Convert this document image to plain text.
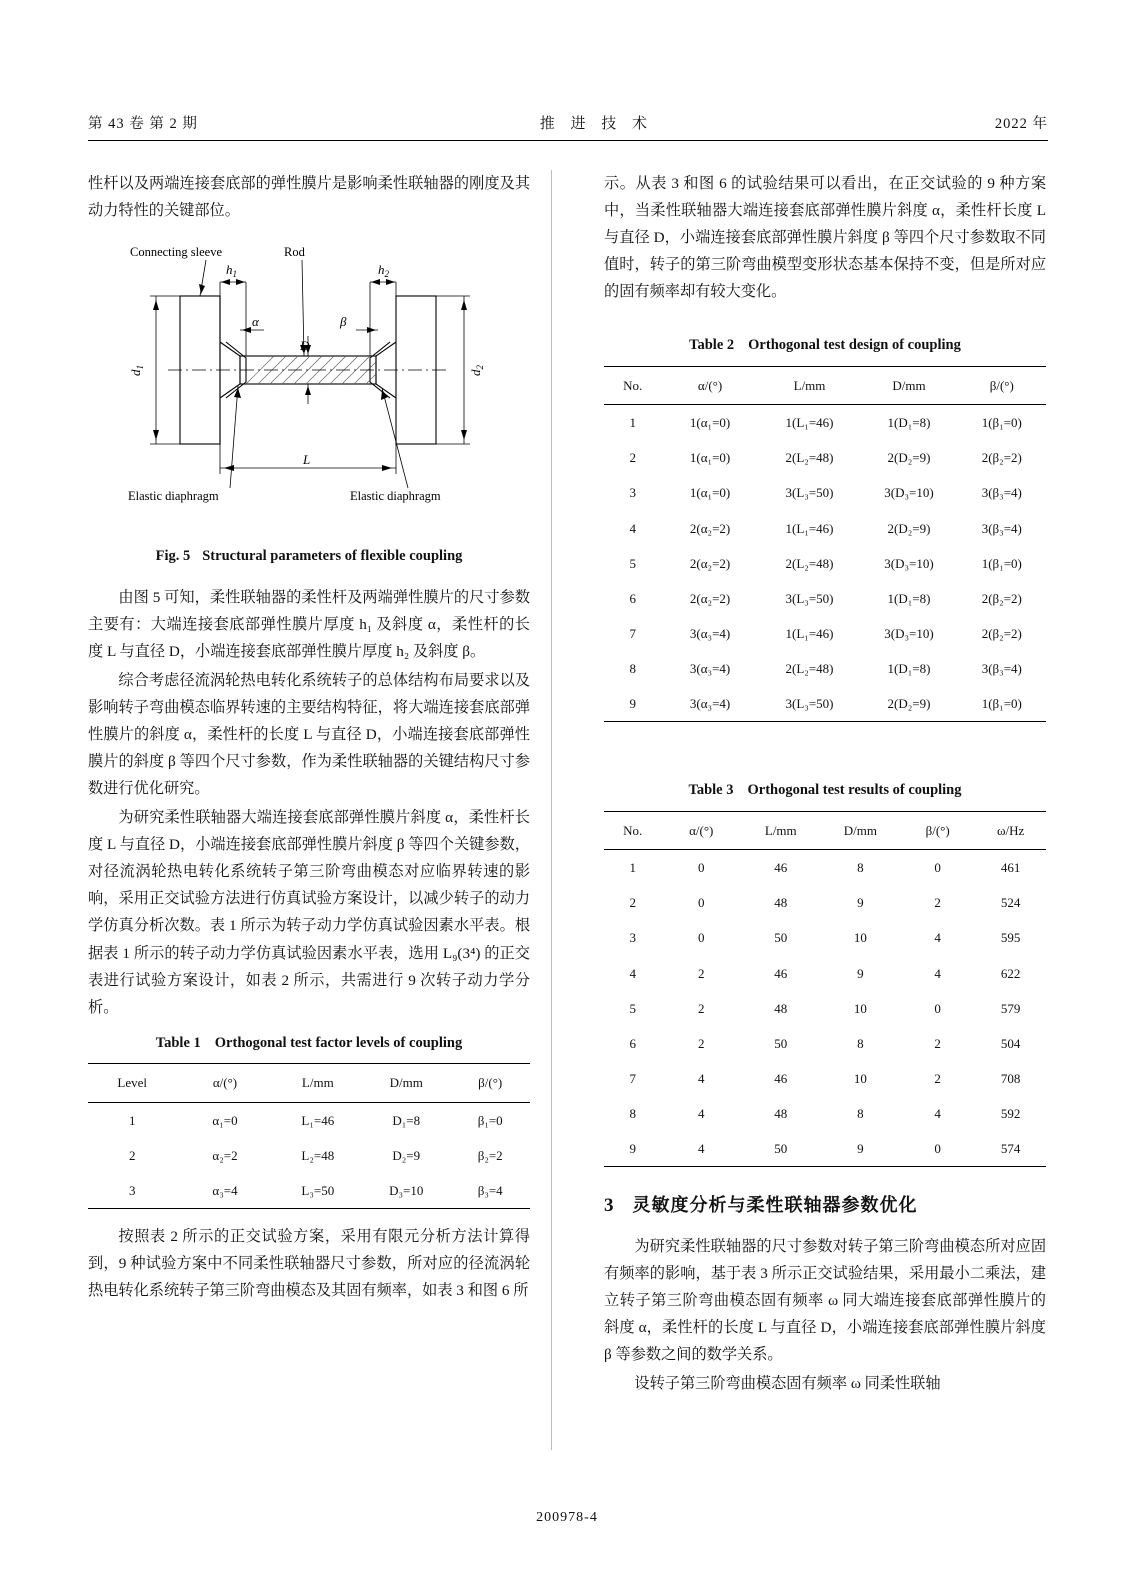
第 43 卷 第 2 期	推 进 技 术	2022 年

性杆以及两端连接套底部的弹性膜片是影响柔性联轴器的刚度及其动力特性的关键部位。

Connecting sleeve	Rod
Elastic diaphragm	Elastic diaphragm
$h_1$	$h_2$
α	β
D
L
$d_1$
$d_2$
Fig. 5 Structural parameters of flexible coupling

由图 5 可知，柔性联轴器的柔性杆及两端弹性膜片的尺寸参数主要有：大端连接套底部弹性膜片厚度 h₁ 及斜度 α，柔性杆的长度 L 与直径 D，小端连接套底部弹性膜片厚度 h₂ 及斜度 β。

综合考虑径流涡轮热电转化系统转子的总体结构布局要求以及影响转子弯曲模态临界转速的主要结构特征，将大端连接套底部弹性膜片的斜度 α，柔性杆的长度 L 与直径 D，小端连接套底部弹性膜片的斜度 β 等四个尺寸参数，作为柔性联轴器的关键结构尺寸参数进行优化研究。

为研究柔性联轴器大端连接套底部弹性膜片斜度 α，柔性杆长度 L 与直径 D，小端连接套底部弹性膜片斜度 β 等四个关键参数，对径流涡轮热电转化系统转子第三阶弯曲模态对应临界转速的影响，采用正交试验方法进行仿真试验方案设计，以减少转子的动力学仿真分析次数。表 1 所示为转子动力学仿真试验因素水平表。根据表 1 所示的转子动力学仿真试验因素水平表，选用 L₉(3⁴) 的正交表进行试验方案设计，如表 2 所示，共需进行 9 次转子动力学分析。

Table 1 Orthogonal test factor levels of coupling
Level	α/(°)	L/mm	D/mm	β/(°)
1	α₁=0	L₁=46	D₁=8	β₁=0
2	α₂=2	L₂=48	D₂=9	β₂=2
3	α₃=4	L₃=50	D₃=10	β₃=4

按照表 2 所示的正交试验方案，采用有限元分析方法计算得到，9 种试验方案中不同柔性联轴器尺寸参数，所对应的径流涡轮热电转化系统转子第三阶弯曲模态及其固有频率，如表 3 和图 6 所

示。从表 3 和图 6 的试验结果可以看出，在正交试验的 9 种方案中，当柔性联轴器大端连接套底部弹性膜片斜度 α，柔性杆长度 L 与直径 D，小端连接套底部弹性膜片斜度 β 等四个尺寸参数取不同值时，转子的第三阶弯曲模型变形状态基本保持不变，但是所对应的固有频率却有较大变化。

Table 2 Orthogonal test design of coupling
No.	α/(°)	L/mm	D/mm	β/(°)
1	1(α₁=0)	1(L₁=46)	1(D₁=8)	1(β₁=0)
2	1(α₁=0)	2(L₂=48)	2(D₂=9)	2(β₂=2)
3	1(α₁=0)	3(L₃=50)	3(D₃=10)	3(β₃=4)
4	2(α₂=2)	1(L₁=46)	2(D₂=9)	3(β₃=4)
5	2(α₂=2)	2(L₂=48)	3(D₃=10)	1(β₁=0)
6	2(α₂=2)	3(L₃=50)	1(D₁=8)	2(β₂=2)
7	3(α₃=4)	1(L₁=46)	3(D₃=10)	2(β₂=2)
8	3(α₃=4)	2(L₂=48)	1(D₁=8)	3(β₃=4)
9	3(α₃=4)	3(L₃=50)	2(D₂=9)	1(β₁=0)
Table 3 Orthogonal test results of coupling
No.	α/(°)	L/mm	D/mm	β/(°)	ω/Hz
1	0	46	8	0	461
2	0	48	9	2	524
3	0	50	10	4	595
4	2	46	9	4	622
5	2	48	10	0	579
6	2	50	8	2	504
7	4	46	10	2	708
8	4	48	8	4	592
9	4	50	9	0	574
3 灵敏度分析与柔性联轴器参数优化

为研究柔性联轴器的尺寸参数对转子第三阶弯曲模态所对应固有频率的影响，基于表 3 所示正交试验结果，采用最小二乘法，建立转子第三阶弯曲模态固有频率 ω 同大端连接套底部弹性膜片的斜度 α，柔性杆的长度 L 与直径 D，小端连接套底部弹性膜片斜度 β 等参数之间的数学关系。

设转子第三阶弯曲模态固有频率 ω 同柔性联轴

200978-4
